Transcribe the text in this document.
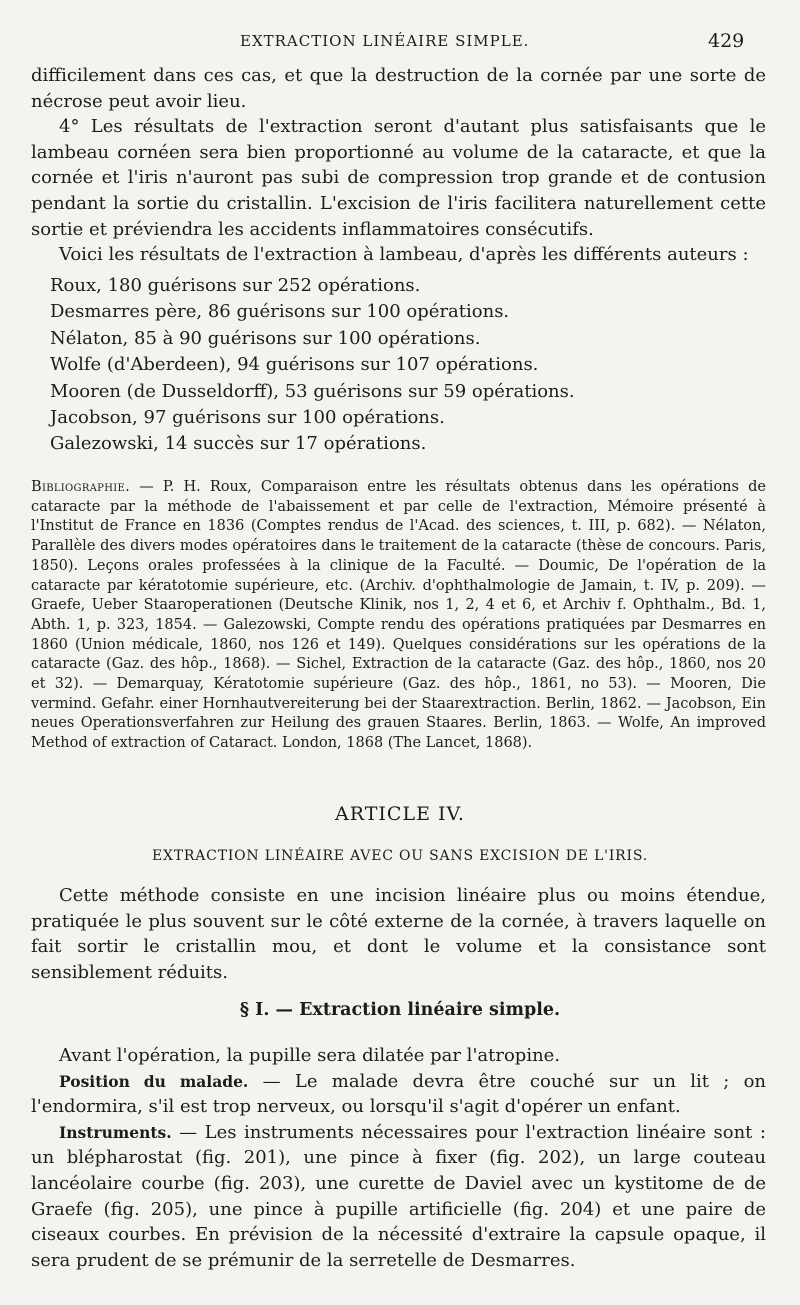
EXTRACTION LINÉAIRE SIMPLE.	429

difficilement dans ces cas, et que la destruction de la cornée par une sorte de nécrose peut avoir lieu.

4° Les résultats de l'extraction seront d'autant plus satisfaisants que le lambeau cornéen sera bien proportionné au volume de la cataracte, et que la cornée et l'iris n'auront pas subi de compression trop grande et de contusion pendant la sortie du cristallin. L'excision de l'iris facilitera naturellement cette sortie et préviendra les accidents inflammatoires consécutifs.

Voici les résultats de l'extraction à lambeau, d'après les différents auteurs :

Roux, 180 guérisons sur 252 opérations.
Desmarres père, 86 guérisons sur 100 opérations.
Nélaton, 85 à 90 guérisons sur 100 opérations.
Wolfe (d'Aberdeen), 94 guérisons sur 107 opérations.
Mooren (de Dusseldorff), 53 guérisons sur 59 opérations.
Jacobson, 97 guérisons sur 100 opérations.
Galezowski, 14 succès sur 17 opérations.

Bibliographie. — P. H. Roux, Comparaison entre les résultats obtenus dans les opérations de cataracte par la méthode de l'abaissement et par celle de l'extraction, Mémoire présenté à l'Institut de France en 1836 (Comptes rendus de l'Acad. des sciences, t. III, p. 682). — Nélaton, Parallèle des divers modes opératoires dans le traitement de la cataracte (thèse de concours. Paris, 1850). Leçons orales professées à la clinique de la Faculté. — Doumic, De l'opération de la cataracte par kératotomie supérieure, etc. (Archiv. d'ophthalmologie de Jamain, t. IV, p. 209). — Graefe, Ueber Staaroperationen (Deutsche Klinik, nos 1, 2, 4 et 6, et Archiv f. Ophthalm., Bd. 1, Abth. 1, p. 323, 1854. — Galezowski, Compte rendu des opérations pratiquées par Desmarres en 1860 (Union médicale, 1860, nos 126 et 149). Quelques considérations sur les opérations de la cataracte (Gaz. des hôp., 1868). — Sichel, Extraction de la cataracte (Gaz. des hôp., 1860, nos 20 et 32). — Demarquay, Kératotomie supérieure (Gaz. des hôp., 1861, no 53). — Mooren, Die vermind. Gefahr. einer Hornhautvereiterung bei der Staarextraction. Berlin, 1862. — Jacobson, Ein neues Operationsverfahren zur Heilung des grauen Staares. Berlin, 1863. — Wolfe, An improved Method of extraction of Cataract. London, 1868 (The Lancet, 1868).

ARTICLE IV.
EXTRACTION LINÉAIRE AVEC OU SANS EXCISION DE L'IRIS.

Cette méthode consiste en une incision linéaire plus ou moins étendue, pratiquée le plus souvent sur le côté externe de la cornée, à travers laquelle on fait sortir le cristallin mou, et dont le volume et la consistance sont sensiblement réduits.

§ I. — Extraction linéaire simple.

Avant l'opération, la pupille sera dilatée par l'atropine.

Position du malade. — Le malade devra être couché sur un lit ; on l'endormira, s'il est trop nerveux, ou lorsqu'il s'agit d'opérer un enfant.

Instruments. — Les instruments nécessaires pour l'extraction linéaire sont : un blépharostat (fig. 201), une pince à fixer (fig. 202), un large couteau lancéolaire courbe (fig. 203), une curette de Daviel avec un kystitome de de Graefe (fig. 205), une pince à pupille artificielle (fig. 204) et une paire de ciseaux courbes. En prévision de la nécessité d'extraire la capsule opaque, il sera prudent de se prémunir de la serretelle de Desmarres.
